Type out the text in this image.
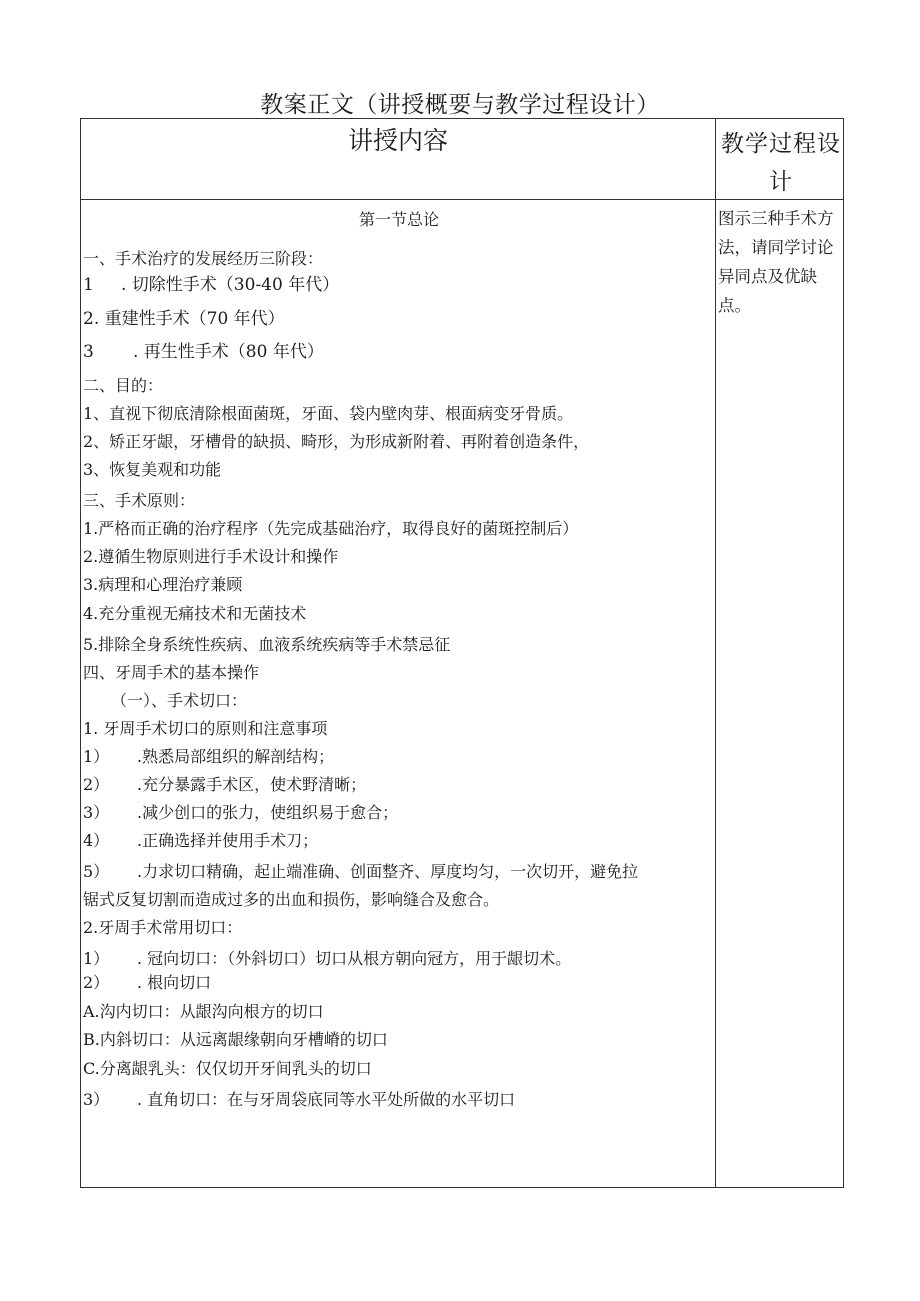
教案正文（讲授概要与教学过程设计）
讲授内容	教学过程设计
第一节总论
一、手术治疗的发展经历三阶段：
1 . 切除性手术（30-40 年代）
2. 重建性手术（70 年代）
3 . 再生性手术（80 年代）
二、目的：
1、直视下彻底清除根面菌斑，牙面、袋内壁肉芽、根面病变牙骨质。
2、矫正牙龈，牙槽骨的缺损、畸形，为形成新附着、再附着创造条件，
3、恢复美观和功能
三、手术原则：
1.严格而正确的治疗程序（先完成基础治疗，取得良好的菌斑控制后）
2.遵循生物原则进行手术设计和操作
3.病理和心理治疗兼顾
4.充分重视无痛技术和无菌技术
5.排除全身系统性疾病、血液系统疾病等手术禁忌征
四、牙周手术的基本操作
（一）、手术切口：
1. 牙周手术切口的原则和注意事项
1） .熟悉局部组织的解剖结构；
2） .充分暴露手术区，使术野清晰；
3） .减少创口的张力，使组织易于愈合；
4） .正确选择并使用手术刀；
5） .力求切口精确，起止端准确、创面整齐、厚度均匀，一次切开，避免拉
锯式反复切割而造成过多的出血和损伤，影响缝合及愈合。
2.牙周手术常用切口：
1） . 冠向切口：（外斜切口）切口从根方朝向冠方，用于龈切术。
2） . 根向切口
A.沟内切口：从龈沟向根方的切口
B.内斜切口：从远离龈缘朝向牙槽嵴的切口
C.分离龈乳头：仅仅切开牙间乳头的切口
3） . 直角切口：在与牙周袋底同等水平处所做的水平切口
图示三种手术方法，请同学讨论异同点及优缺点。
